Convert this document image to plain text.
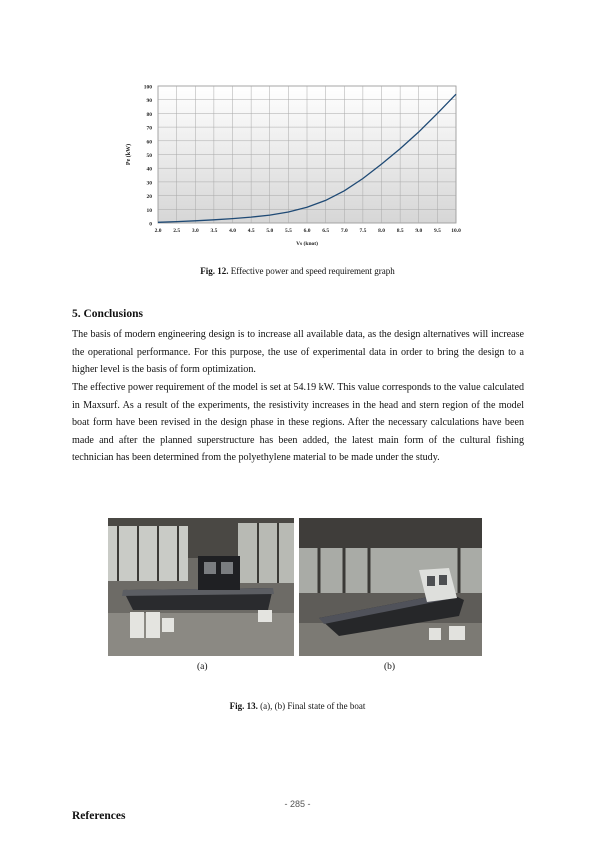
0
10
20
30
40
50
60
70
80
90
100
2.0 2.5 3.0 3.5 4.0 4.5 5.0 5.5 6.0 6.5 7.0 7.5 8.0 8.5 9.0 9.5 10.0
Vs (knot)
Pe (kW)
Fig. 12. Effective power and speed requirement graph
5. Conclusions
The basis of modern engineering design is to increase all available data, as the design alternatives will increase the operational performance. For this purpose, the use of experimental data in order to bring the design to a higher level is the basis of form optimization.
The effective power requirement of the model is set at 54.19 kW. This value corresponds to the value calculated in Maxsurf. As a result of the experiments, the resistivity increases in the head and stern region of the model boat form have been revised in the design phase in these regions. After the necessary calculations have been made and after the planned superstructure has been added, the latest main form of the cultural fishing technician has been determined from the polyethylene material to be made under the study.
(a)	(b)
Fig. 13. (a), (b) Final state of the boat
- 285 -
References
